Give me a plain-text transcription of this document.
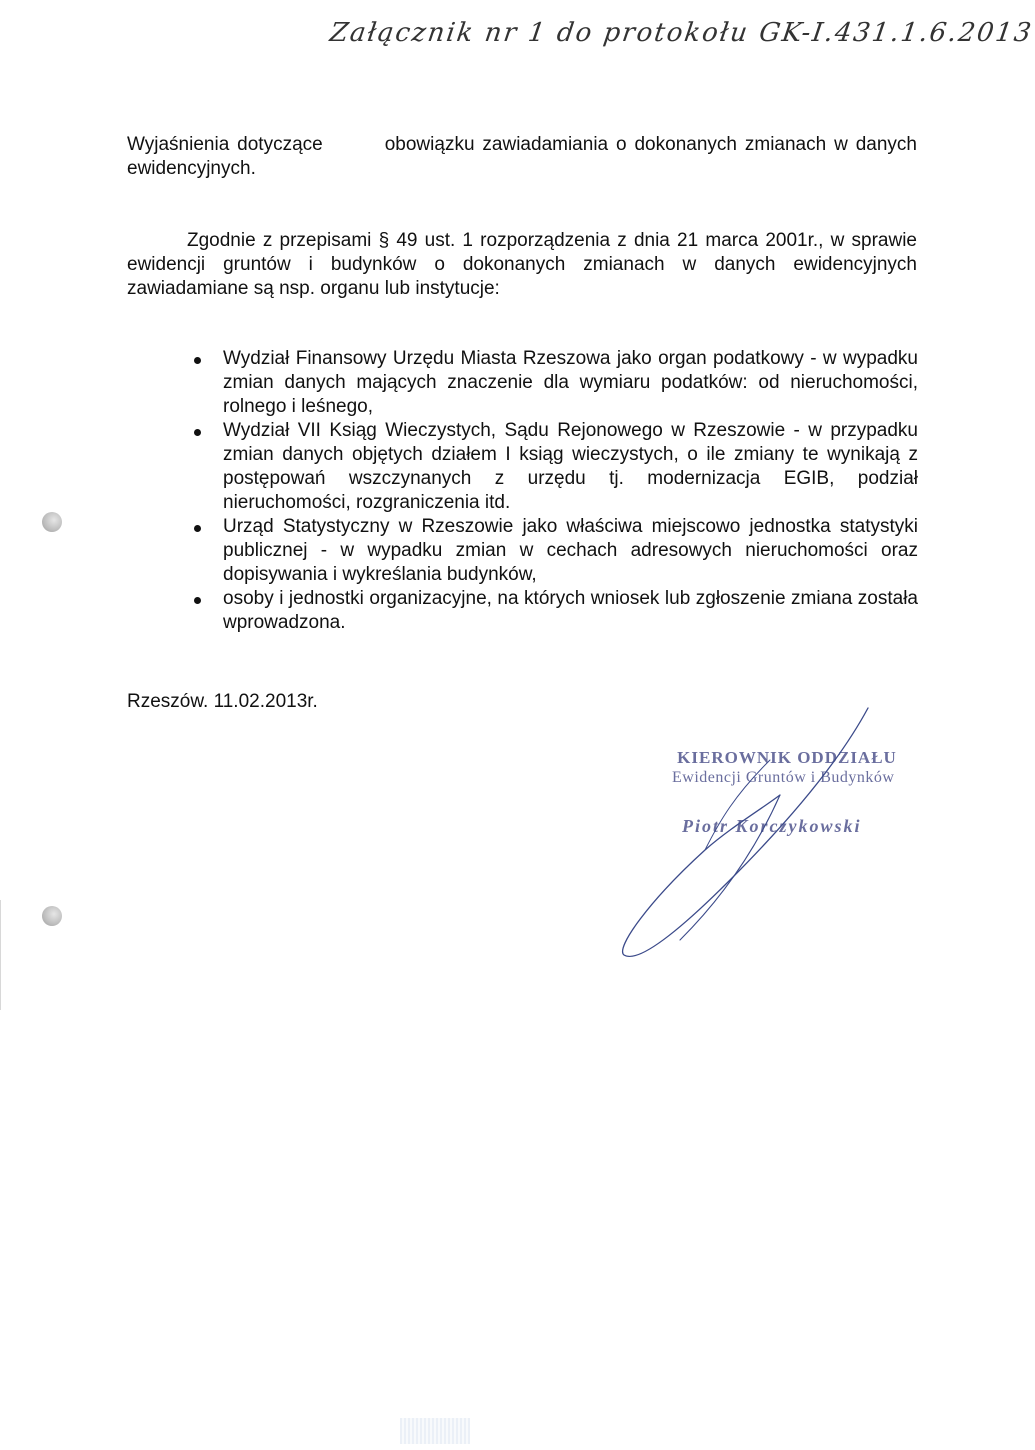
Załącznik nr 1 do protokołu GK-I.431.1.6.2013
Wyjaśnienia dotyczące	obowiązku zawiadamiania o dokonanych zmianach w danych ewidencyjnych.
Zgodnie z przepisami § 49 ust. 1 rozporządzenia z dnia 21 marca 2001r., w sprawie ewidencji gruntów i budynków o dokonanych zmianach w danych ewidencyjnych zawiadamiane są nsp. organu lub instytucje:
Wydział Finansowy Urzędu Miasta Rzeszowa jako organ podatkowy - w wypadku zmian danych mających znaczenie dla wymiaru podatków: od nieruchomości, rolnego i leśnego,
Wydział VII Ksiąg Wieczystych, Sądu Rejonowego w Rzeszowie - w przypadku zmian danych objętych działem I ksiąg wieczystych, o ile zmiany te wynikają z postępowań wszczynanych z urzędu tj. modernizacja EGIB, podział nieruchomości, rozgraniczenia itd.
Urząd Statystyczny w Rzeszowie jako właściwa miejscowo jednostka statystyki publicznej - w wypadku zmian w cechach adresowych nieruchomości oraz dopisywania i wykreślania budynków,
osoby i jednostki organizacyjne, na których wniosek lub zgłoszenie zmiana została wprowadzona.
Rzeszów. 11.02.2013r.
KIEROWNIK ODDZIAŁU
Ewidencji Gruntów i Budynków
Piotr Korczykowski
